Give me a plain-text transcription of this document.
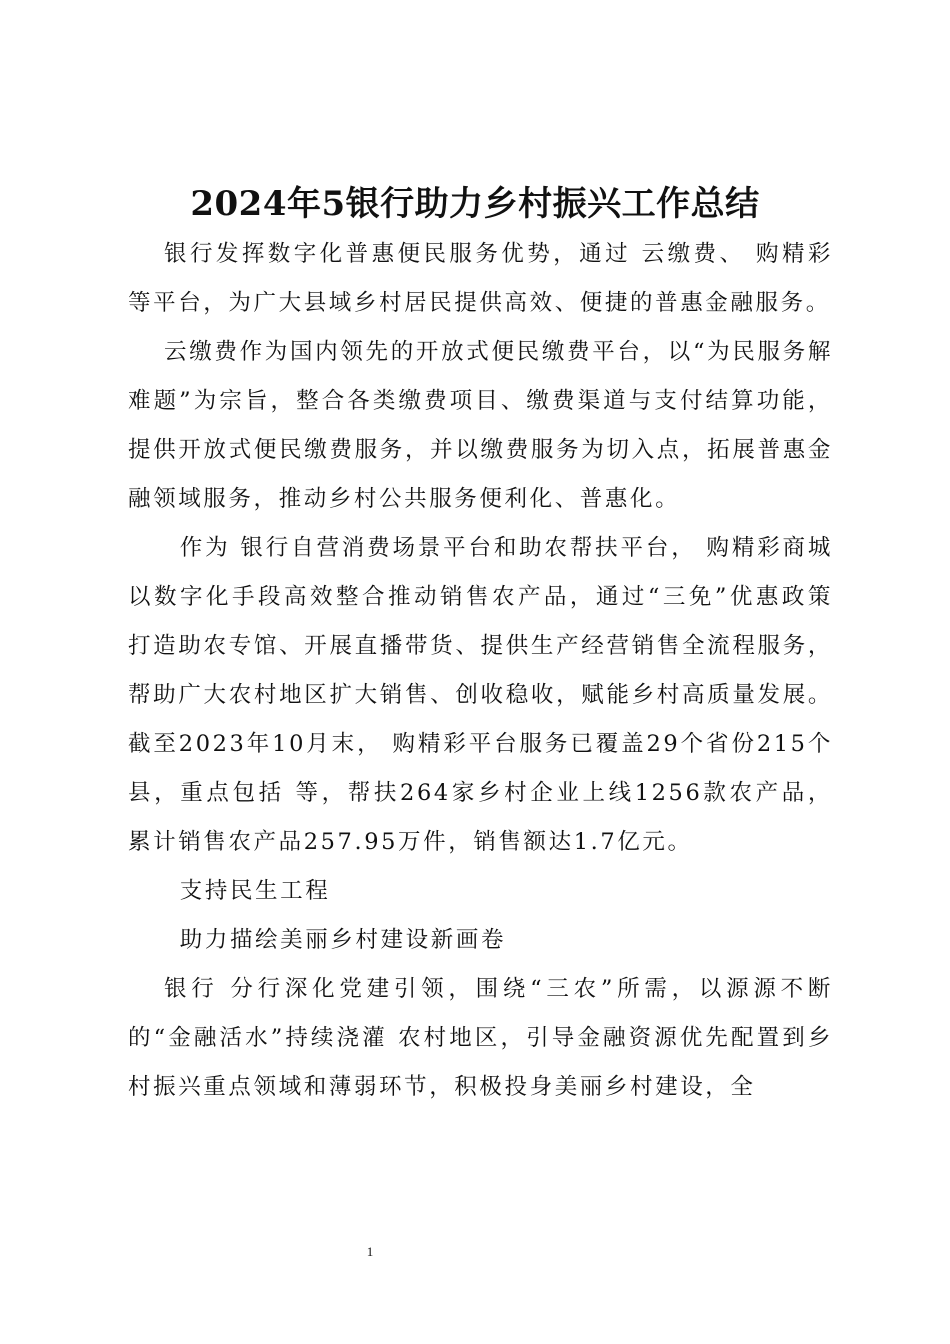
2024年5银行助力乡村振兴工作总结

银行发挥数字化普惠便民服务优势，通过 云缴费、 购精彩等平台，为广大县域乡村居民提供高效、便捷的普惠金融服务。

云缴费作为国内领先的开放式便民缴费平台，以“为民服务解难题”为宗旨，整合各类缴费项目、缴费渠道与支付结算功能，提供开放式便民缴费服务，并以缴费服务为切入点，拓展普惠金融领域服务，推动乡村公共服务便利化、普惠化。

作为 银行自营消费场景平台和助农帮扶平台， 购精彩商城以数字化手段高效整合推动销售农产品，通过“三免”优惠政策打造助农专馆、开展直播带货、提供生产经营销售全流程服务，帮助广大农村地区扩大销售、创收稳收，赋能乡村高质量发展。截至2023年10月末， 购精彩平台服务已覆盖29个省份215个县，重点包括 等，帮扶264家乡村企业上线1256款农产品，累计销售农产品257.95万件，销售额达1.7亿元。

支持民生工程

助力描绘美丽乡村建设新画卷

银行 分行深化党建引领，围绕“三农”所需，以源源不断的“金融活水”持续浇灌 农村地区，引导金融资源优先配置到乡村振兴重点领域和薄弱环节，积极投身美丽乡村建设，全

1
